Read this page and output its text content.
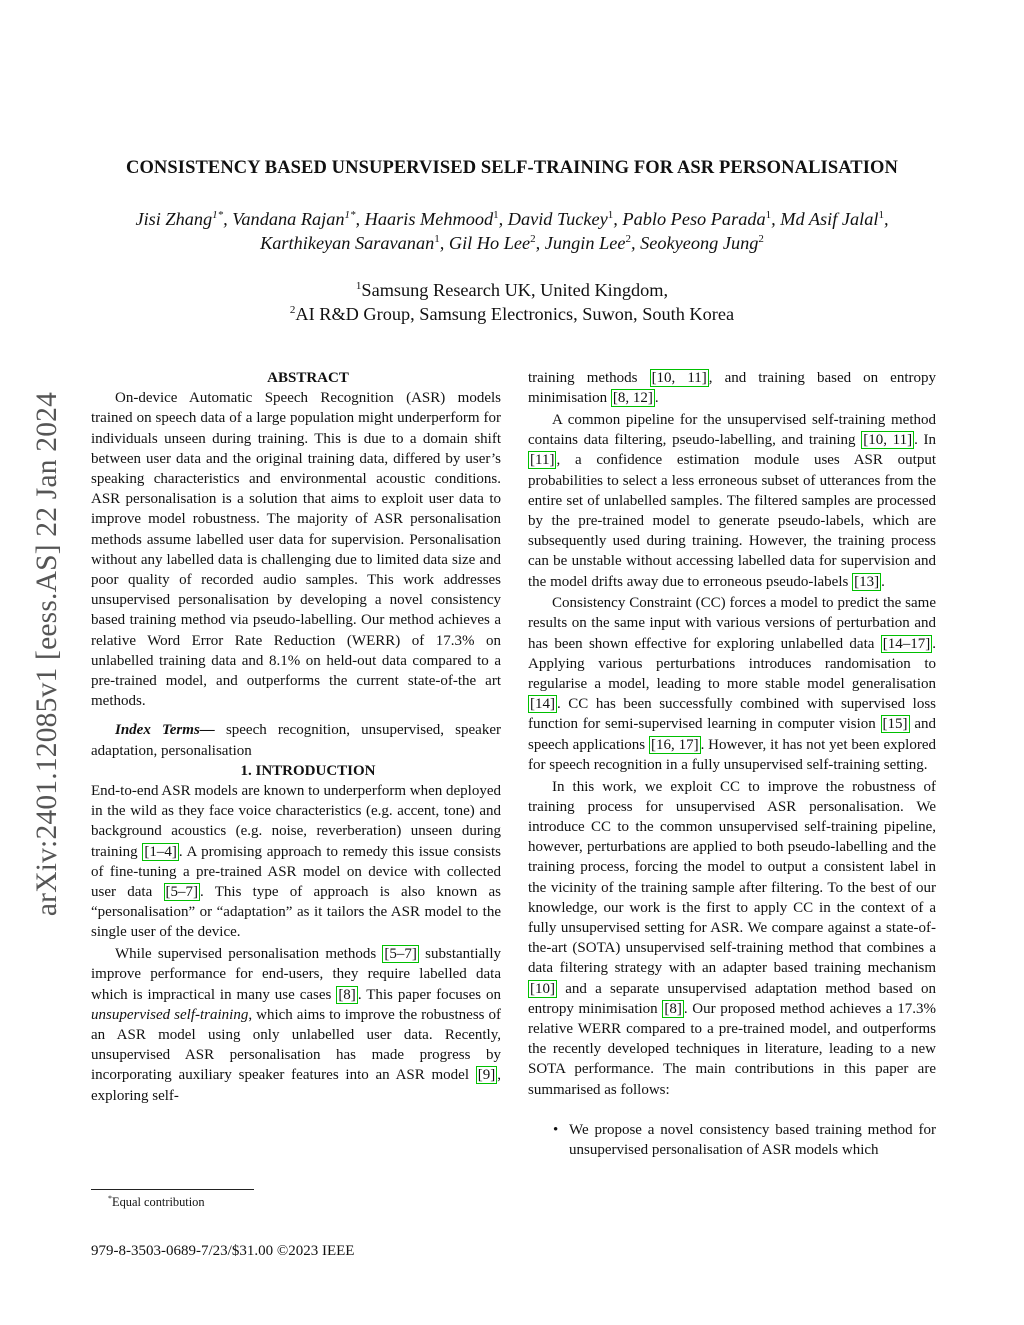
arXiv:2401.12085v1 [eess.AS] 22 Jan 2024
CONSISTENCY BASED UNSUPERVISED SELF-TRAINING FOR ASR PERSONALISATION
Jisi Zhang$^{1*}$, Vandana Rajan$^{1*}$, Haaris Mehmood$^1$, David Tuckey$^1$, Pablo Peso Parada$^1$, Md Asif Jalal$^1$,
Karthikeyan Saravanan$^1$, Gil Ho Lee$^2$, Jungin Lee$^2$, Seokyeong Jung$^2$
$^1$Samsung Research UK, United Kingdom,
$^2$AI R&D Group, Samsung Electronics, Suwon, South Korea

ABSTRACT

On-device Automatic Speech Recognition (ASR) models trained on speech data of a large population might underperform for individuals unseen during training. This is due to a domain shift between user data and the original training data, differed by user’s speaking characteristics and environmental acoustic conditions. ASR personalisation is a solution that aims to exploit user data to improve model robustness. The majority of ASR personalisation methods assume labelled user data for supervision. Personalisation without any labelled data is challenging due to limited data size and poor quality of recorded audio samples. This work addresses unsupervised personalisation by developing a novel consistency based training method via pseudo-labelling. Our method achieves a relative Word Error Rate Reduction (WERR) of 17.3% on unlabelled training data and 8.1% on held-out data compared to a pre-trained model, and outperforms the current state-of-the art methods.

Index Terms— speech recognition, unsupervised, speaker adaptation, personalisation

1. INTRODUCTION

End-to-end ASR models are known to underperform when deployed in the wild as they face voice characteristics (e.g. accent, tone) and background acoustics (e.g. noise, reverberation) unseen during training [1–4] . A promising approach to remedy this issue consists of fine-tuning a pre-trained ASR model on device with collected user data [5–7] . This type of approach is also known as “personalisation” or “adaptation” as it tailors the ASR model to the single user of the device.

While supervised personalisation methods [5–7] substantially improve performance for end-users, they require labelled data which is impractical in many use cases [8] . This paper focuses on unsupervised self-training, which aims to improve the robustness of an ASR model using only unlabelled user data. Recently, unsupervised ASR personalisation has made progress by incorporating auxiliary speaker features into an ASR model [9] , exploring self-

training methods [10, 11] , and training based on entropy minimisation [8, 12] .

A common pipeline for the unsupervised self-training method contains data filtering, pseudo-labelling, and training [10, 11] . In [11] , a confidence estimation module uses ASR output probabilities to select a less erroneous subset of utterances from the entire set of unlabelled samples. The filtered samples are processed by the pre-trained model to generate pseudo-labels, which are subsequently used during training. However, the training process can be unstable without accessing labelled data for supervision and the model drifts away due to erroneous pseudo-labels [13] .

Consistency Constraint (CC) forces a model to predict the same results on the same input with various versions of perturbation and has been shown effective for exploring unlabelled data [14–17] . Applying various perturbations introduces randomisation to regularise a model, leading to more stable model generalisation [14] . CC has been successfully combined with supervised loss function for semi-supervised learning in computer vision [15] and speech applications [16, 17] . However, it has not yet been explored for speech recognition in a fully unsupervised self-training setting.

In this work, we exploit CC to improve the robustness of training process for unsupervised ASR personalisation. We introduce CC to the common unsupervised self-training pipeline, however, perturbations are applied to both pseudo-labelling and the training process, forcing the model to output a consistent label in the vicinity of the training sample after filtering. To the best of our knowledge, our work is the first to apply CC in the context of a fully unsupervised setting for ASR. We compare against a state-of-the-art (SOTA) unsupervised self-training method that combines a data filtering strategy with an adapter based training mechanism [10] and a separate unsupervised adaptation method based on entropy minimisation [8] . Our proposed method achieves a 17.3% relative WERR compared to a pre-trained model, and outperforms the recently developed techniques in literature, leading to a new SOTA performance. The main contributions in this paper are summarised as follows:

• We propose a novel consistency based training method for unsupervised personalisation of ASR models which
*Equal contribution
979-8-3503-0689-7/23/$31.00 ©2023 IEEE
